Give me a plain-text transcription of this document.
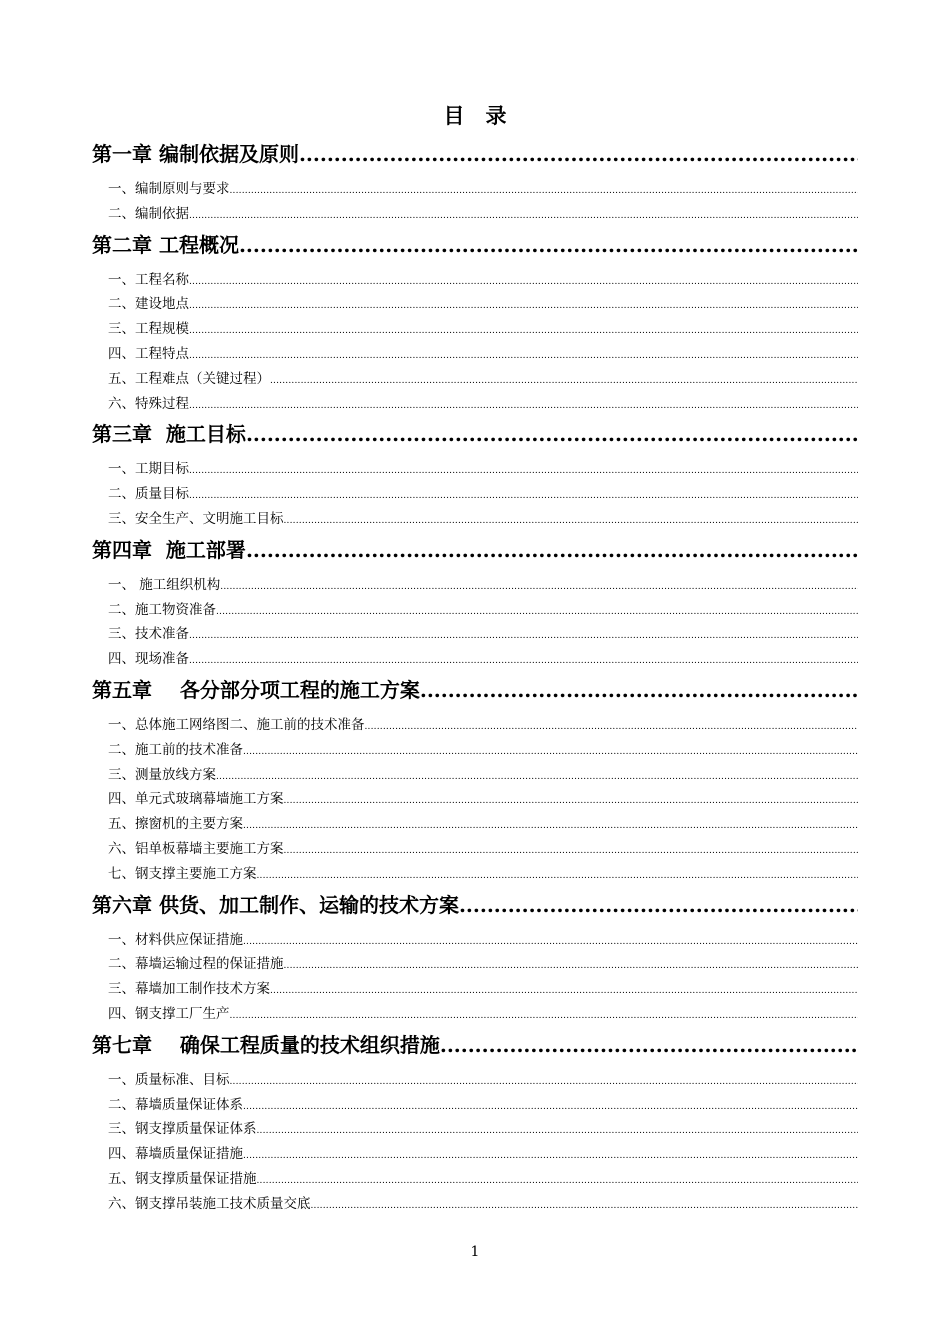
目　录
第一章 编制依据及原则
.....
一、编制原则与要求
.....
二、编制依据
.....
第二章 工程概况
.....
一、工程名称
.....
二、建设地点
.....
三、工程规模
.....
四、工程特点
.....
五、工程难点（关键过程）
.....
六、特殊过程
.....
第三章  施工目标
.....
一、工期目标
.....
二、质量目标
.....
三、安全生产、文明施工目标
.....
第四章  施工部署
.....
一、 施工组织机构
.....
二、施工物资准备
.....
三、技术准备
.....
四、现场准备
.....
第五章    各分部分项工程的施工方案
.....
一、总体施工网络图二、施工前的技术准备
.....
二、施工前的技术准备
.....
三、测量放线方案
.....
四、单元式玻璃幕墙施工方案
.....
五、擦窗机的主要方案
.....
六、铝单板幕墙主要施工方案
.....
七、钢支撑主要施工方案
.....
第六章 供货、加工制作、运输的技术方案
.....
一、材料供应保证措施
.....
二、幕墙运输过程的保证措施
.....
三、幕墙加工制作技术方案
.....
四、钢支撑工厂生产
.....
第七章    确保工程质量的技术组织措施
.....
一、质量标准、目标
.....
二、幕墙质量保证体系
.....
三、钢支撑质量保证体系
.....
四、幕墙质量保证措施
.....
五、钢支撑质量保证措施
.....
六、钢支撑吊装施工技术质量交底
.....
1
